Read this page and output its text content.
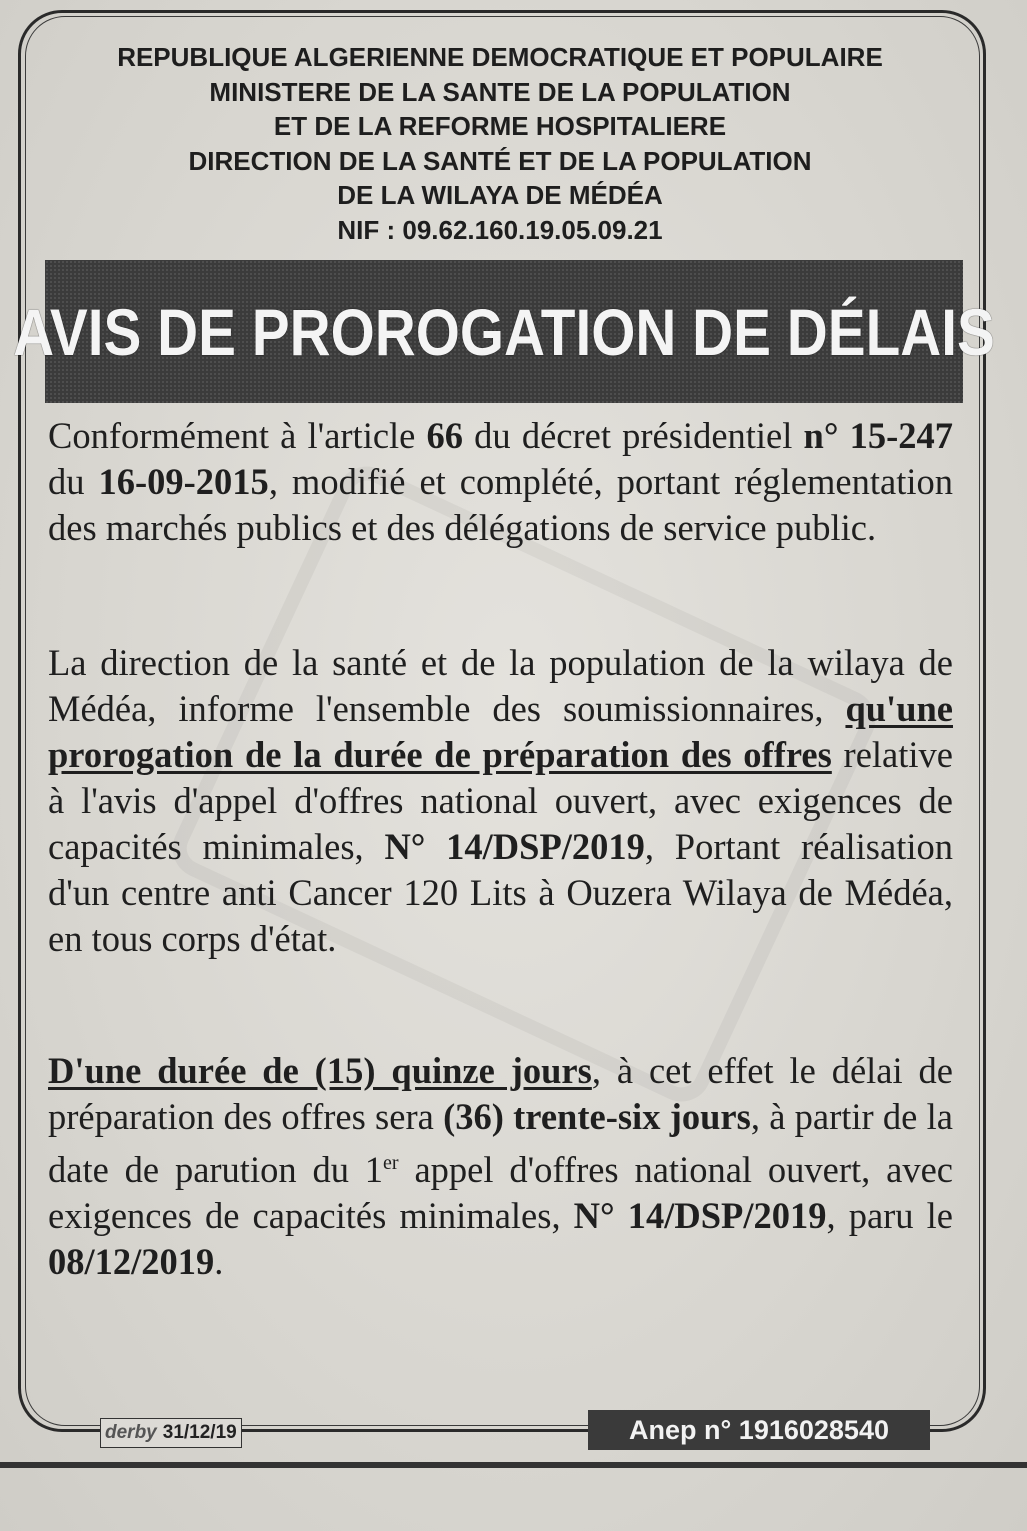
REPUBLIQUE ALGERIENNE DEMOCRATIQUE ET POPULAIRE
MINISTERE DE LA SANTE DE LA POPULATION
ET DE LA REFORME HOSPITALIERE
DIRECTION DE LA SANTÉ ET DE LA POPULATION
DE LA WILAYA DE MÉDÉA
NIF : 09.62.160.19.05.09.21
AVIS DE PROROGATION DE DÉLAIS
Conformément à l'article 66 du décret présidentiel n° 15-247 du 16-09-2015, modifié et complété, portant réglementation des marchés publics et des délégations de service public.
La direction de la santé et de la population de la wilaya de Médéa, informe l'ensemble des soumissionnaires, qu'une prorogation de la durée de préparation des offres relative à l'avis d'appel d'offres national ouvert, avec exigences de capacités minimales, N° 14/DSP/2019, Portant réalisation d'un centre anti Cancer 120 Lits à Ouzera Wilaya de Médéa, en tous corps d'état.
D'une durée de (15) quinze jours, à cet effet le délai de préparation des offres sera (36) trente-six jours, à partir de la date de parution du 1er appel d'offres national ouvert, avec exigences de capacités minimales, N° 14/DSP/2019, paru le 08/12/2019.
derby 31/12/19	Anep n° 1916028540
